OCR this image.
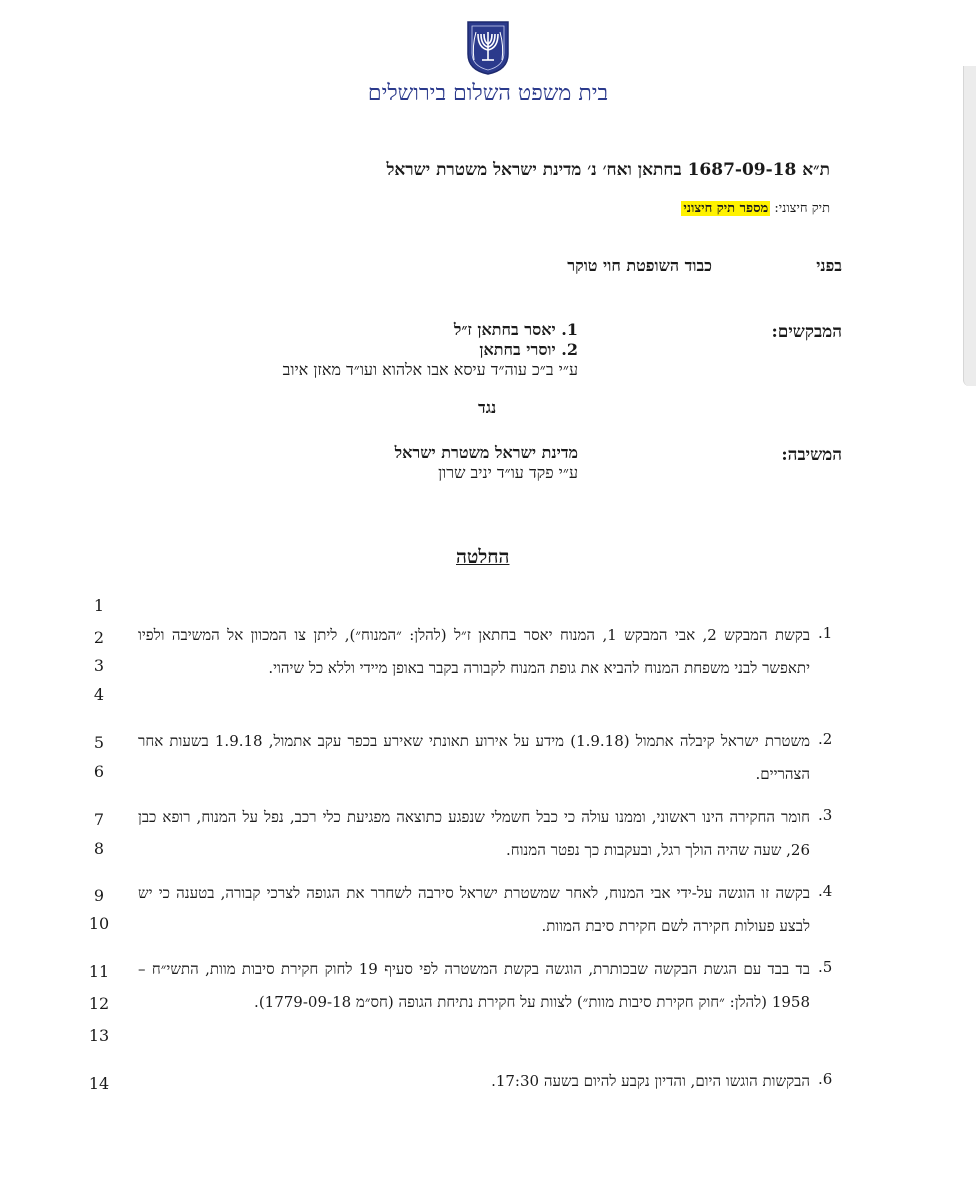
בית משפט השלום בירושלים
ת״א 1687-09-18 בחתאן ואח׳ נ׳ מדינת ישראל משטרת ישראל
תיק חיצוני: מספר תיק חיצוני
בפני
כבוד השופטת חוי טוקר
המבקשים:
1. יאסר בחתאן ז״ל
2. יוסרי בחתאן
ע״י ב״כ עוה״ד עיסא אבו אלהוא ועו״ד מאזן איוב
נגד
המשיבה:
מדינת ישראל משטרת ישראל
ע״י פקד עו״ד יניב שרון
החלטה
1
2
3
4
5
6
7
8
9
10
11
12
13
14
.1
בקשת המבקש 2, אבי המבקש 1, המנוח יאסר בחתאן ז״ל (להלן: ״המנוח״), ליתן צו המכוון אל המשיבה ולפיו יתאפשר לבני משפחת המנוח להביא את גופת המנוח לקבורה בקבר באופן מיידי וללא כל שיהוי.
.2
משטרת ישראל קיבלה אתמול (1.9.18) מידע על אירוע תאונתי שאירע בכפר עקב אתמול, 1.9.18 בשעות אחר הצהריים.
.3
חומר החקירה הינו ראשוני, וממנו עולה כי כבל חשמלי שנפגע כתוצאה מפגיעת כלי רכב, נפל על המנוח, רופא כבן 26, שעה שהיה הולך רגל, ובעקבות כך נפטר המנוח.
.4
בקשה זו הוגשה על-ידי אבי המנוח, לאחר שמשטרת ישראל סירבה לשחרר את הגופה לצרכי קבורה, בטענה כי יש לבצע פעולות חקירה לשם חקירת סיבת המוות.
.5
בד בבד עם הגשת הבקשה שבכותרת, הוגשה בקשת המשטרה לפי סעיף 19 לחוק חקירת סיבות מוות, התשי״ח – 1958 (להלן: ״חוק חקירת סיבות מוות״) לצוות על חקירת נתיחת הגופה (חס״מ 1779-09-18).
.6
הבקשות הוגשו היום, והדיון נקבע להיום בשעה 17:30.
